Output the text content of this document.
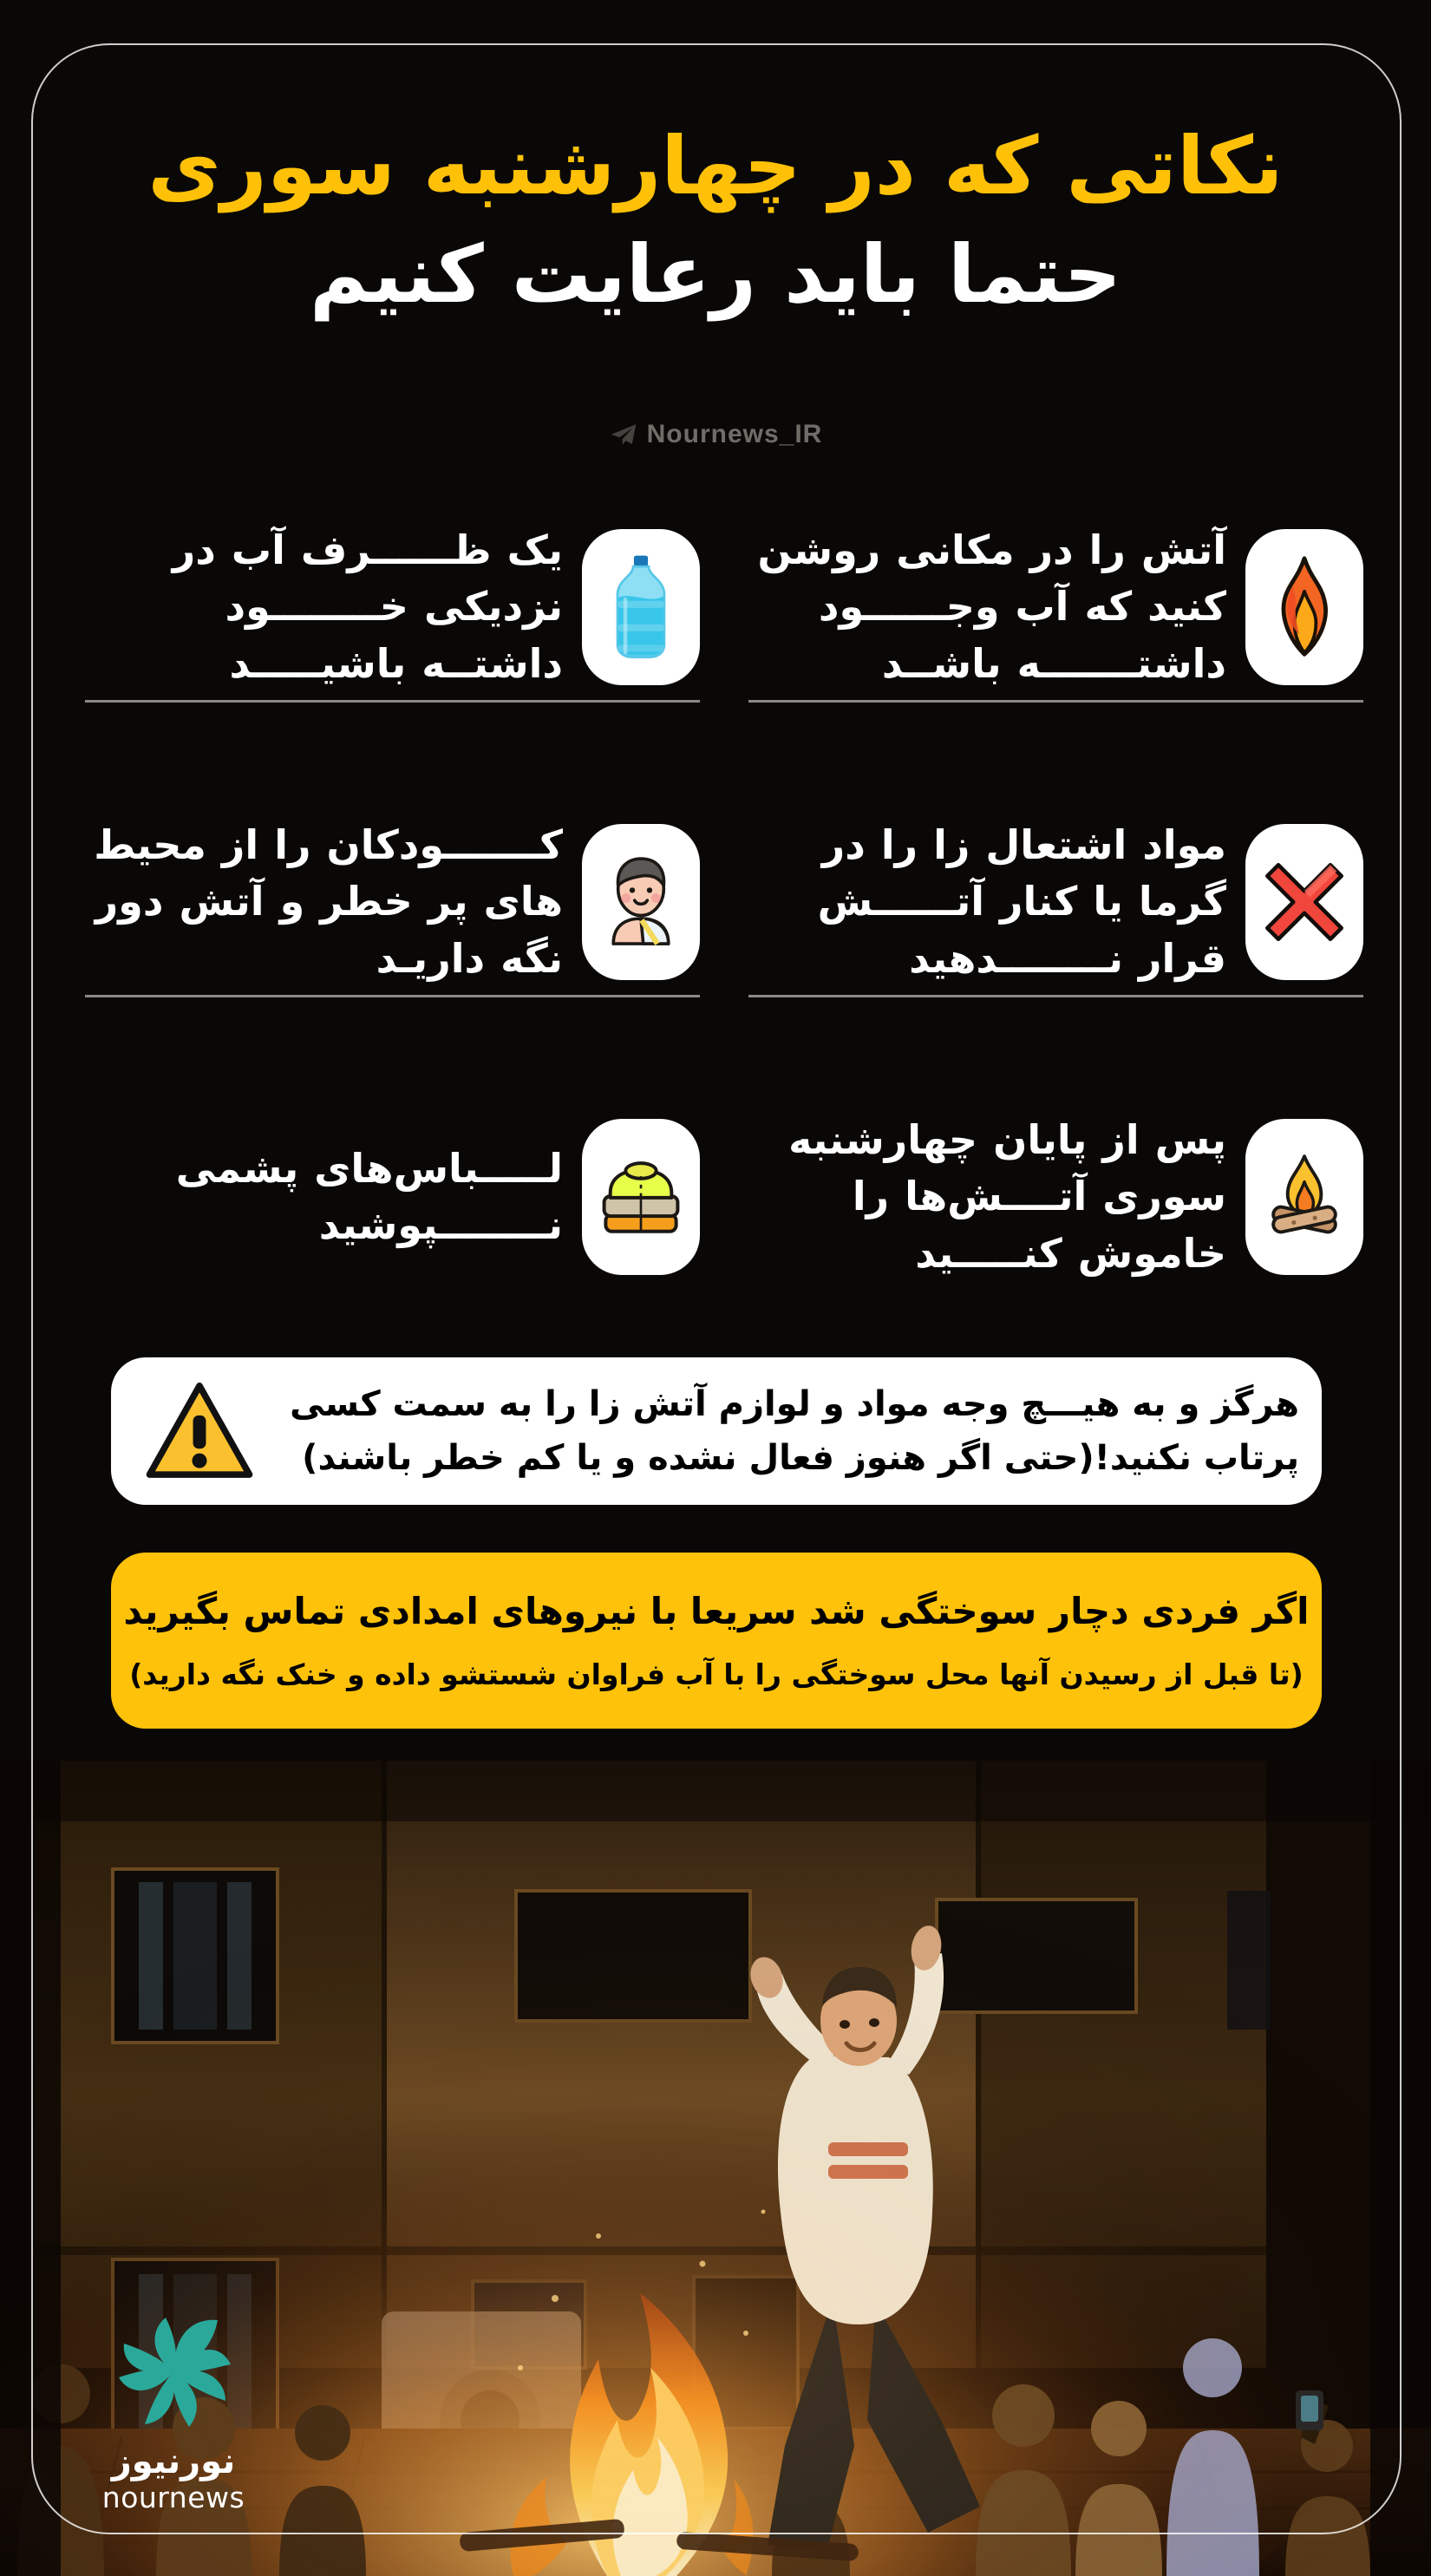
نکاتی که در چهارشنبه سوری
حتما باید رعایت کنیم
Nournews_IR
آتش را در مکانی روشن کنید که آب وجــــــود داشتـــــــه باشــد
یک ظــــــرف آب در نزدیکی خــــــــود داشتــه باشیـــــد
مواد اشتعال زا را در گرما یا کنار آتــــــش قرار نــــــــدهید
کـــــــودکان را از محیط های پر خطر و آتش دور نگه داریـد
پس از پایان چهارشنبه سوری آتــــش‌ها را خاموش کنـــــید
لـــــباس‌های پشمی نــــــــپوشید
هرگز و به هیـــچ وجه مواد و لوازم آتش زا را به سمت کسی پرتاب نکنید!(حتی اگر هنوز فعال نشده و یا کم خطر باشند)
اگر فردی دچار سوختگی شد سریعا با نیروهای امدادی تماس بگیرید
(تا قبل از رسیدن آنها محل سوختگی را با آب فراوان شستشو داده و خنک نگه دارید)
نورنیوز
nournews
